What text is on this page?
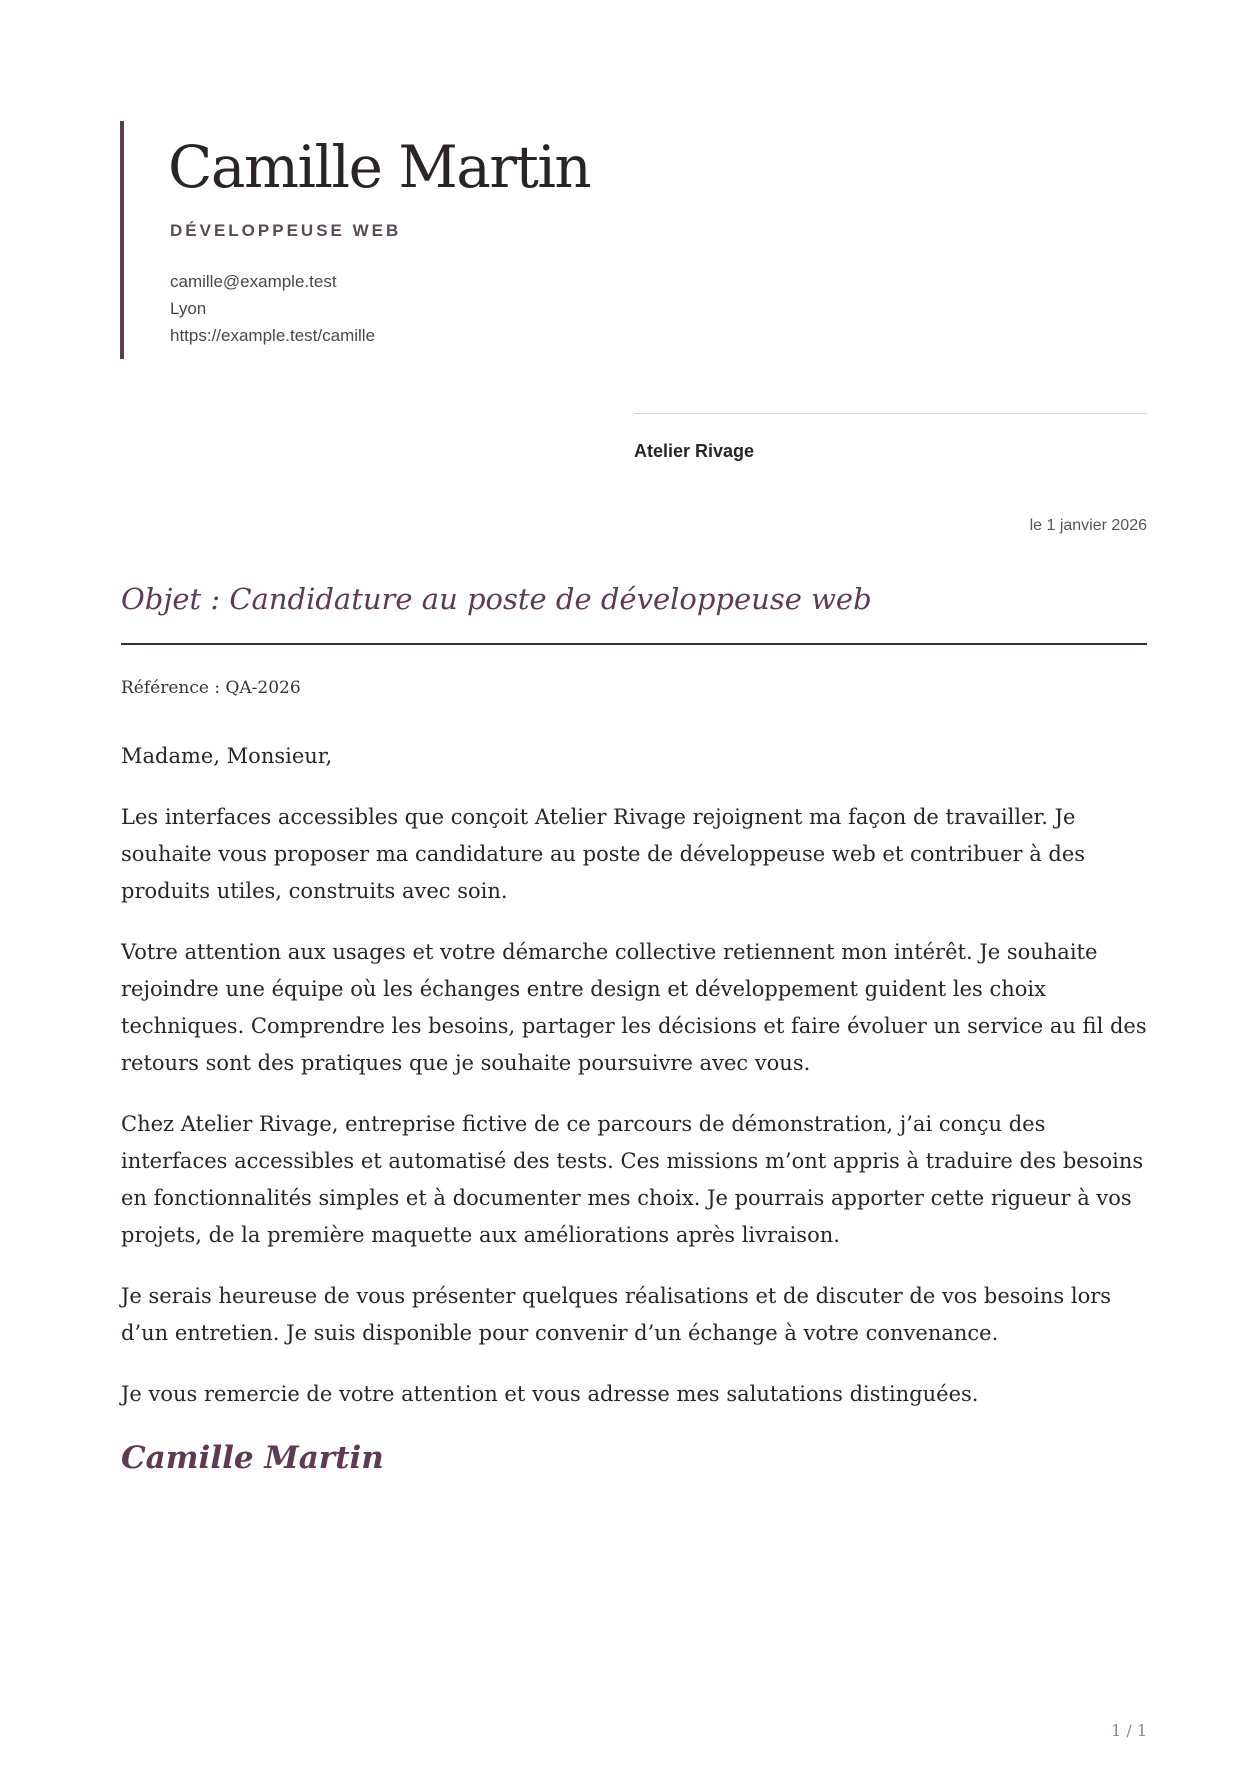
Camille Martin
DÉVELOPPEUSE WEB
camille@example.test
Lyon
https://example.test/camille
Atelier Rivage
le 1 janvier 2026
Objet : Candidature au poste de développeuse web
Référence : QA-2026

Madame, Monsieur,

Les interfaces accessibles que conçoit Atelier Rivage rejoignent ma façon de travailler. Je souhaite vous proposer ma candidature au poste de développeuse web et contribuer à des produits utiles, construits avec soin.

Votre attention aux usages et votre démarche collective retiennent mon intérêt. Je souhaite rejoindre une équipe où les échanges entre design et développement guident les choix techniques. Comprendre les besoins, partager les décisions et faire évoluer un service au fil des retours sont des pratiques que je souhaite poursuivre avec vous.

Chez Atelier Rivage, entreprise fictive de ce parcours de démonstration, j’ai conçu des interfaces accessibles et automatisé des tests. Ces missions m’ont appris à traduire des besoins en fonctionnalités simples et à documenter mes choix. Je pourrais apporter cette rigueur à vos projets, de la première maquette aux améliorations après livraison.

Je serais heureuse de vous présenter quelques réalisations et de discuter de vos besoins lors d’un entretien. Je suis disponible pour convenir d’un échange à votre convenance.

Je vous remercie de votre attention et vous adresse mes salutations distinguées.

Camille Martin
1 / 1
